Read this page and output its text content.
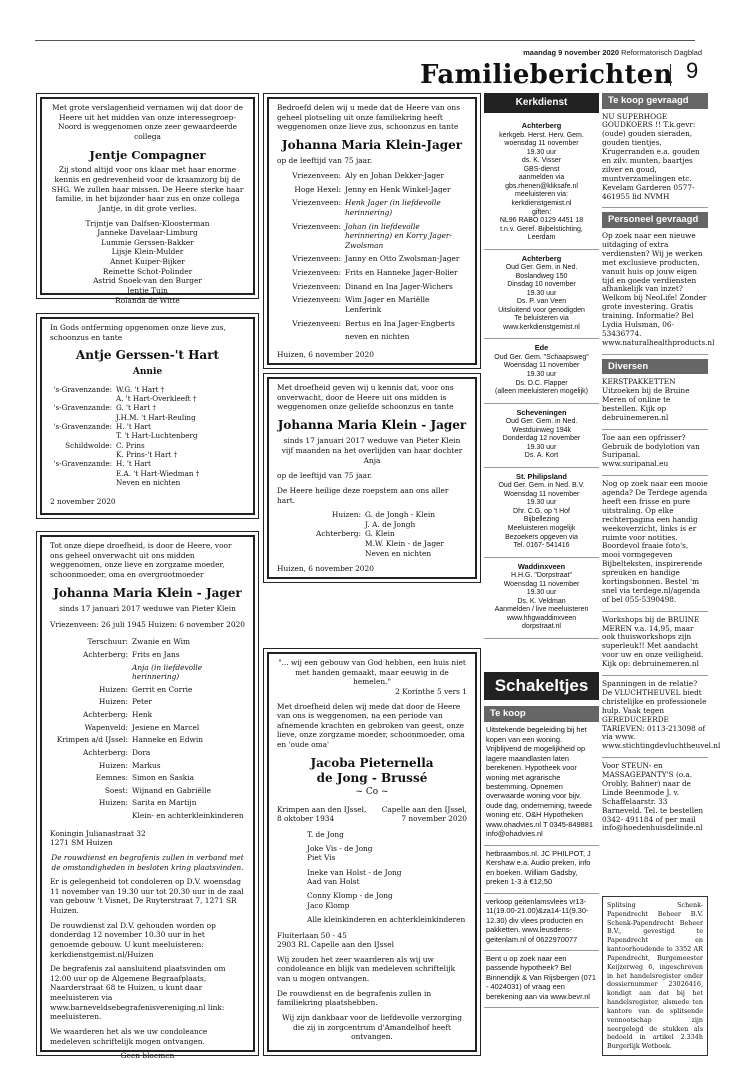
maandag 9 november 2020 Reformatorisch Dagblad
Familieberichten 9

Met grote verslagenheid vernamen wij dat door de Heere uit het midden van onze interessegroep-Noord is weggenomen onze zeer gewaardeerde collega

Jentje Compagner

Zij stond altijd voor ons klaar met haar enorme kennis en gedrevenheid voor de kraamzorg bij de SHG. We zullen haar missen. De Heere sterke haar familie, in het bijzonder haar zus en onze collega Jantje, in dit grote verlies.

Trijntje van Dalfsen-Kloosterman
Janneke Davelaar-Limburg
Lummie Gerssen-Bakker
Lijsje Klein-Mulder
Annet Kuiper-Bijker
Reinette Schot-Polinder
Astrid Snoek-van den Burger
Jentje Tuin
Rolanda de Witte

In Gods ontferming opgenomen onze lieve zus, schoonzus en tante

Antje Gerssen-'t Hart
Annie
's-Gravenzande: W.G. 't Hart †
A. 't Hart-Overkleeft †
's-Gravenzande: G. 't Hart †
J.H.M. 't Hart-Reuling
's-Gravenzande: H. 't Hart
T. 't Hart-Luchtenberg
Schildwolde: C. Prins
K. Prins-'t Hart †
's-Gravenzande: H. 't Hart
E.A. 't Hart-Wiedman †
Neven en nichten

2 november 2020

Tot onze diepe droefheid, is door de Heere, voor ons geheel onverwacht uit ons midden weggenomen, onze lieve en zorgzame moeder, schoonmoeder, oma en overgrootmoeder

Johanna Maria Klein - Jager
sinds 17 januari 2017 weduwe van Pieter Klein
Vriezenveen: 26 juli 1945 Huizen: 6 november 2020
Terschuur: Zwanie en Wim
Achterberg: Frits en Jans
Anja (in liefdevolle herinnering)
Huizen: Gerrit en Corrie
Huizen: Peter
Achterberg: Henk
Wapenveld: Jesiene en Marcel
Krimpen a/d IJssel: Hanneke en Edwin
Achterberg: Dora
Huizen: Markus
Eemnes: Simon en Saskia
Soest: Wijnand en Gabriëlle
Huizen: Sarita en Martijn
Klein- en achterkleinkinderen

Koningin Julianastraat 32

1271 SM Huizen

De rouwdienst en begrafenis zullen in verband met de omstandigheden in besloten kring plaatsvinden.

Er is gelegenheid tot condoleren op D.V. woensdag 11 november van 19.30 uur tot 20.30 uur in de zaal van gebouw 't Visnet, De Ruyterstraat 7, 1271 SR Huizen.

De rouwdienst zal D.V. gehouden worden op donderdag 12 november 10.30 uur in het genoemde gebouw. U kunt meeluisteren: kerkdienstgemist.nl/Huizen

De begrafenis zal aansluitend plaatsvinden om 12.00 uur op de Algemene Begraafplaats, Naarderstraat 68 te Huizen, u kunt daar meeluisteren via www.barneveldsebegrafenisvereniging.nl link: meeluisteren.

We waarderen het als we uw condoleance medeleven schriftelijk mogen ontvangen.

Geen bloemen

Bedroefd delen wij u mede dat de Heere van ons geheel plotseling uit onze familiekring heeft weggenomen onze lieve zus, schoonzus en tante

Johanna Maria Klein-Jager

op de leeftijd van 75 jaar.

Vriezenveen: Aly en Johan Dekker-Jager
Hoge Hexel: Jenny en Henk Winkel-Jager
Vriezenveen: Henk Jager (in liefdevolle herinnering)
Vriezenveen: Johan (in liefdevolle herinnering) en Korry Jager-Zwolsman
Vriezenveen: Janny en Otto Zwolsman-Jager
Vriezenveen: Frits en Hanneke Jager-Bolier
Vriezenveen: Dinand en Ina Jager-Wichers
Vriezenveen: Wim Jager en Mariëlle Lenferink
Vriezenveen: Bertus en Ina Jager-Engberts
neven en nichten

Huizen, 6 november 2020

Met droefheid geven wij u kennis dat, voor ons onverwacht, door de Heere uit ons midden is weggenomen onze geliefde schoonzus en tante

Johanna Maria Klein - Jager
sinds 17 januari 2017 weduwe van Pieter Klein
vijf maanden na het overlijden van haar dochter Anja

op de leeftijd van 75 jaar.

De Heere heilige deze roepstem aan ons aller hart.

Huizen: G. de Jongh - Klein
J. A. de Jongh
Achterberg: G. Klein
M.W. Klein - de Jager
Neven en nichten

Huizen, 6 november 2020

"... wij een gebouw van God hebben, een huis niet met handen gemaakt, maar eeuwig in de hemelen."

2 Korinthe 5 vers 1

Met droefheid delen wij mede dat door de Heere van ons is weggenomen, na een periode van afnemende krachten en gebroken van geest, onze lieve, onze zorgzame moeder, schoonmoeder, oma en 'oude oma'

Jacoba Pieternella
de Jong - Brussé
~ Co ~
Krimpen aan den IJssel, Capelle aan den IJssel,
8 oktober 1934	7 november 2020
T. de Jong

Joke Vis - de Jong
Piet Vis

Ineke van Holst - de Jong
Aad van Holst

Conny Klomp - de Jong
Jaco Klomp

Alle kleinkinderen en achterkleinkinderen

Fluiterlaan 50 - 45

2903 RL Capelle aan den IJssel

Wij zouden het zeer waarderen als wij uw condoleance en blijk van medeleven schriftelijk van u mogen ontvangen.

De rouwdienst en de begrafenis zullen in familiekring plaatshebben.

Wij zijn dankbaar voor de liefdevolle verzorging die zij in zorgcentrum d'Amandelhof heeft ontvangen.

Kerkdienst
Achterberg
kerkgeb. Herst. Herv. Gem.
woensdag 11 november
19.30 uur
ds. K. Visser
GBS-dienst
aanmelden via
gbs.rhenen@kliksafe.nl
meeluisteren via:
kerkdienstgemist.nl
giften:
NL96 RABO 0129 4451 18
t.n.v. Geref. Bijbelstichting,
Leerdam
Achterberg
Oud Ger. Gem. in Ned.
Boslandweg 150
Dinsdag 10 november
19.30 uur
Ds. P. van Veen
Uitsluitend voor genodigden
Te beluisteren via
www.kerkdienstgemist.nl
Ede
Oud Ger. Gem. "Schaapsweg"
Woensdag 11 november
19.30 uur
Ds. D.C. Flapper
(alleen meeluisteren mogelijk)
Scheveningen
Oud Ger. Gem. in Ned.
Westduinweg 194k
Donderdag 12 november
19.30 uur
Ds. A. Kort
St. Philipsland
Oud Ger. Gem. in Ned. B.V.
Woensdag 11 november
19.30 uur
Dhr. C.G. op 't Hof
Bijbellezing
Meeluisteren mogelijk
Bezoekers opgeven via
Tel. 0167- 541416
Waddinxveen
H.H.G. "Dorpstraat"
Woensdag 11 november
19.30 uur
Ds. K. Veldman
Aanmelden / live meeluisteren
www.hhgwaddinxveen
dorpstraat.nl
Schakeltjes
Te koop
Uitstekende begeleiding bij het kopen van een woning. Vrijblijvend de mogelijkheid op lagere maandlasten laten berekenen. Hypotheek voor woning met agrarische bestemming. Opnemen overwaarde woning voor bijv. oude dag, onderneming, tweede woning etc. O&H Hypotheken www.ohadvies.nl T 0345-849881 info@ohadvies.nl
hetbraambos.nl. JC PHILPOT, J Kershaw e.a. Audio preken, info en boeken. William Gadsby, preken 1-3 à €12,50
verkoop geitenlamsvlees vr13-11(19.00-21.00)&za14-11(9.30-12.30) div vlees producten en pakketten. www.leusdens-geitenlam.nl of 0622970077
Bent u op zoek naar een passende hypotheek? Bel Binnendijk & Van Rijsbergen (071 - 4024031) of vraag een berekening aan via www.bevr.nl
Te koop gevraagd
NU SUPERHOGE GOUDKOERS !! T.k.gevr: (oude) gouden sieraden, gouden tientjes, Krugerranden e.a. gouden en zilv. munten, baartjes zilver en goud, muntverzamelingen etc. Kevelam Garderen 0577-461955 lid NVMH
Personeel gevraagd
Op zoek naar een nieuwe uitdaging of extra verdiensten? Wij je werken met exclusieve producten, vanuit huis op jouw eigen tijd en goede verdiensten afhankelijk van inzet? Welkom bij NeoLife! Zonder grote investering. Gratis training. Informatie? Bel Lydia Hulsman, 06-53436774. www.naturalhealthproducts.nl
Diversen
KERSTPAKKETTEN Uitzoeken bij de Bruine Meren of online te bestellen. Kijk op debruinemeren.nl
Toe aan een opfrisser? Gebruik de bodylotion van Suripanal. www.suripanal.eu
Nog op zoek naar een mooie agenda? De Terdege agenda heeft een frisse en pure uitstraling. Op elke rechterpagina een handig weekoverzicht, links is er ruimte voor notities. Boordevol fraaie foto's, mooi vormgegeven Bijbelteksten, inspirerende spreuken en handige kortingsbonnen. Bestel 'm snel via terdege.nl/agenda of bel 055-5390498.
Workshops bij de BRUINE MEREN v.a. 14,95, maar ook thuisworkshops zijn superleuk!! Met aandacht voor uw en onze veiligheid. Kijk op: debruinemeren.nl
Spanningen in de relatie? De VLUCHTHEUVEL biedt christelijke en professionele hulp. Vaak tegen GEREDUCEERDE TARIEVEN: 0113-213098 of via www. www.stichtingdevluchtheuvel.nl
Voor STEUN- en MASSAGEPANTY'S (o.a. Orobly, Bahner) naar de Linde Beenmode J. v. Schaffelaarstr. 33 Barneveld. Tel. te bestellen 0342- 491184 of per mail info@hoedenhuisdelinde.nl
Splitsing Schenk-Papendrecht Beheer B.V. Schenk-Papendrecht Beheer B.V., gevestigd te Papendrecht en kantoorhoudende te 3352 AR Papendrecht, Burgemeester Keijzerweg 6, ingeschreven in het handelsregister onder dossiernummer 23026416, kondigt aan dat bij het handelsregister, alsmede ten kantore van de splitsende vennootschap zijn neergelegd de stukken als bedoeld in artikel 2.334h Burgerlijk Wetboek.
